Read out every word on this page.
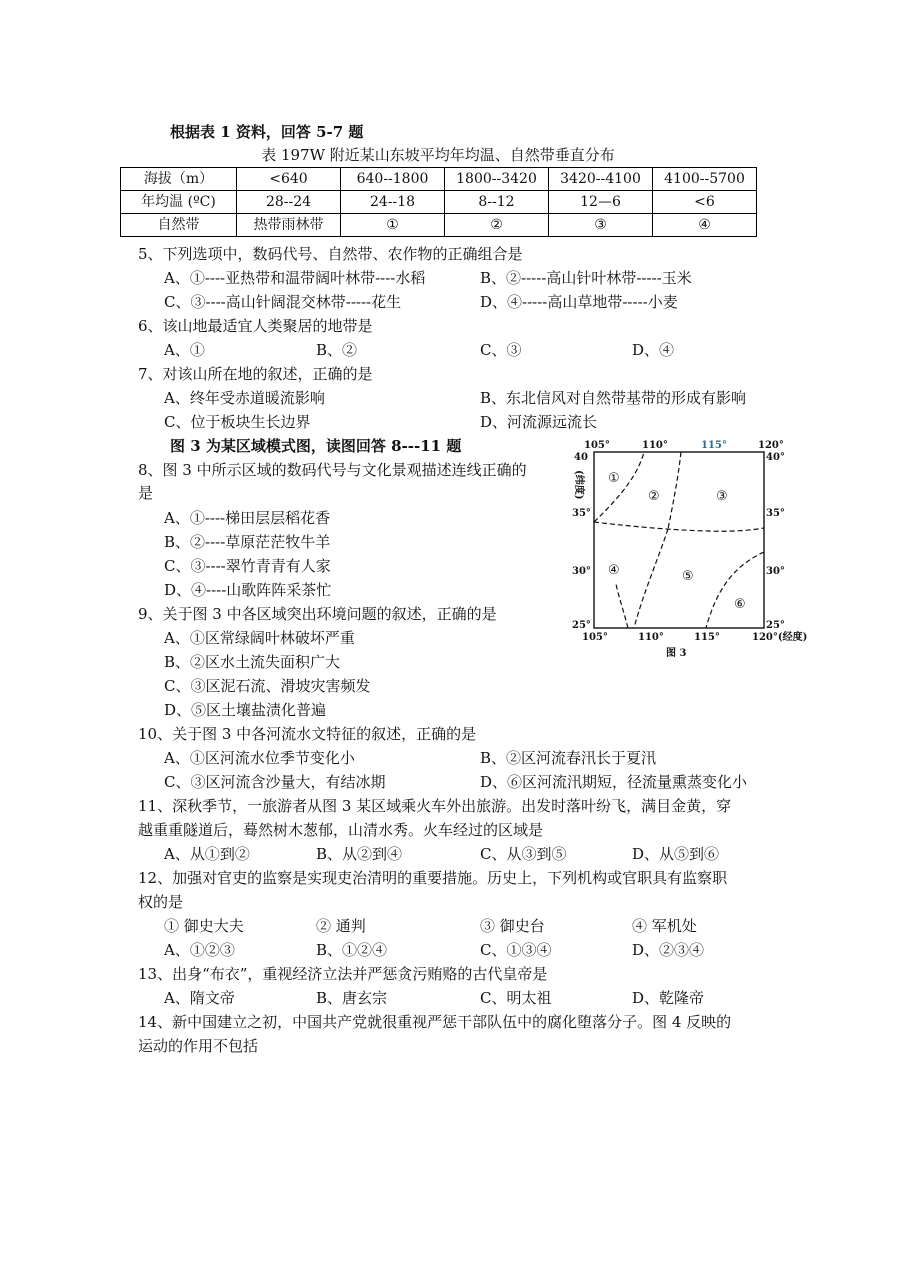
根据表 1 资料，回答 5-7 题
表 197W 附近某山东坡平均年均温、自然带垂直分布
海拔（m）	<640	640--1800	1800--3420	3420--4100	4100--5700
年均温 (ºC)	28--24	24--18	8--12	12—6	<6
自然带	热带雨林带	①	②	③	④
5、下列选项中，数码代号、自然带、农作物的正确组合是
A、①----亚热带和温带阔叶林带----水稻	B、②-----高山针叶林带-----玉米
C、③----高山针阔混交林带-----花生	D、④-----高山草地带-----小麦
6、该山地最适宜人类聚居的地带是
A、①	B、②	C、③	D、④
7、对该山所在地的叙述，正确的是
A、终年受赤道暖流影响	B、东北信风对自然带基带的形成有影响
C、位于板块生长边界	D、河流源远流长
图 3 为某区域模式图，读图回答 8---11 题
8、图 3 中所示区域的数码代号与文化景观描述连线正确的
是
A、①----梯田层层稻花香
B、②----草原茫茫牧牛羊
C、③----翠竹青青有人家
D、④----山歌阵阵采茶忙
9、关于图 3 中各区域突出环境问题的叙述，正确的是
A、①区常绿阔叶林破坏严重
B、②区水土流失面积广大
C、③区泥石流、滑坡灾害频发
D、⑤区土壤盐渍化普遍
10、关于图 3 中各河流水文特征的叙述，正确的是
A、①区河流水位季节变化小	B、②区河流春汛长于夏汛
C、③区河流含沙量大，有结冰期	D、⑥区河流汛期短，径流量熏蒸变化小
11、深秋季节，一旅游者从图 3 某区域乘火车外出旅游。出发时落叶纷飞，满目金黄，穿
越重重隧道后，蓦然树木葱郁，山清水秀。火车经过的区域是
A、从①到②	B、从②到④	C、从③到⑤	D、从⑤到⑥
12、加强对官吏的监察是实现吏治清明的重要措施。历史上，下列机构或官职具有监察职
权的是
① 御史大夫	② 通判	③ 御史台	④ 军机处
A、①②③	B、①②④	C、①③④	D、②③④
13、出身“布衣”，重视经济立法并严惩贪污贿赂的古代皇帝是
A、隋文帝	B、唐玄宗	C、明太祖	D、乾隆帝
14、新中国建立之初，中国共产党就很重视严惩干部队伍中的腐化堕落分子。图 4 反映的
运动的作用不包括
105°	110°	115°	120°
40
35°
30°
25°
(纬度)
40°
35°
30°
25°
105°	110°	115°	120°(经度)
①
②	③
④	⑤
⑥
图 3
